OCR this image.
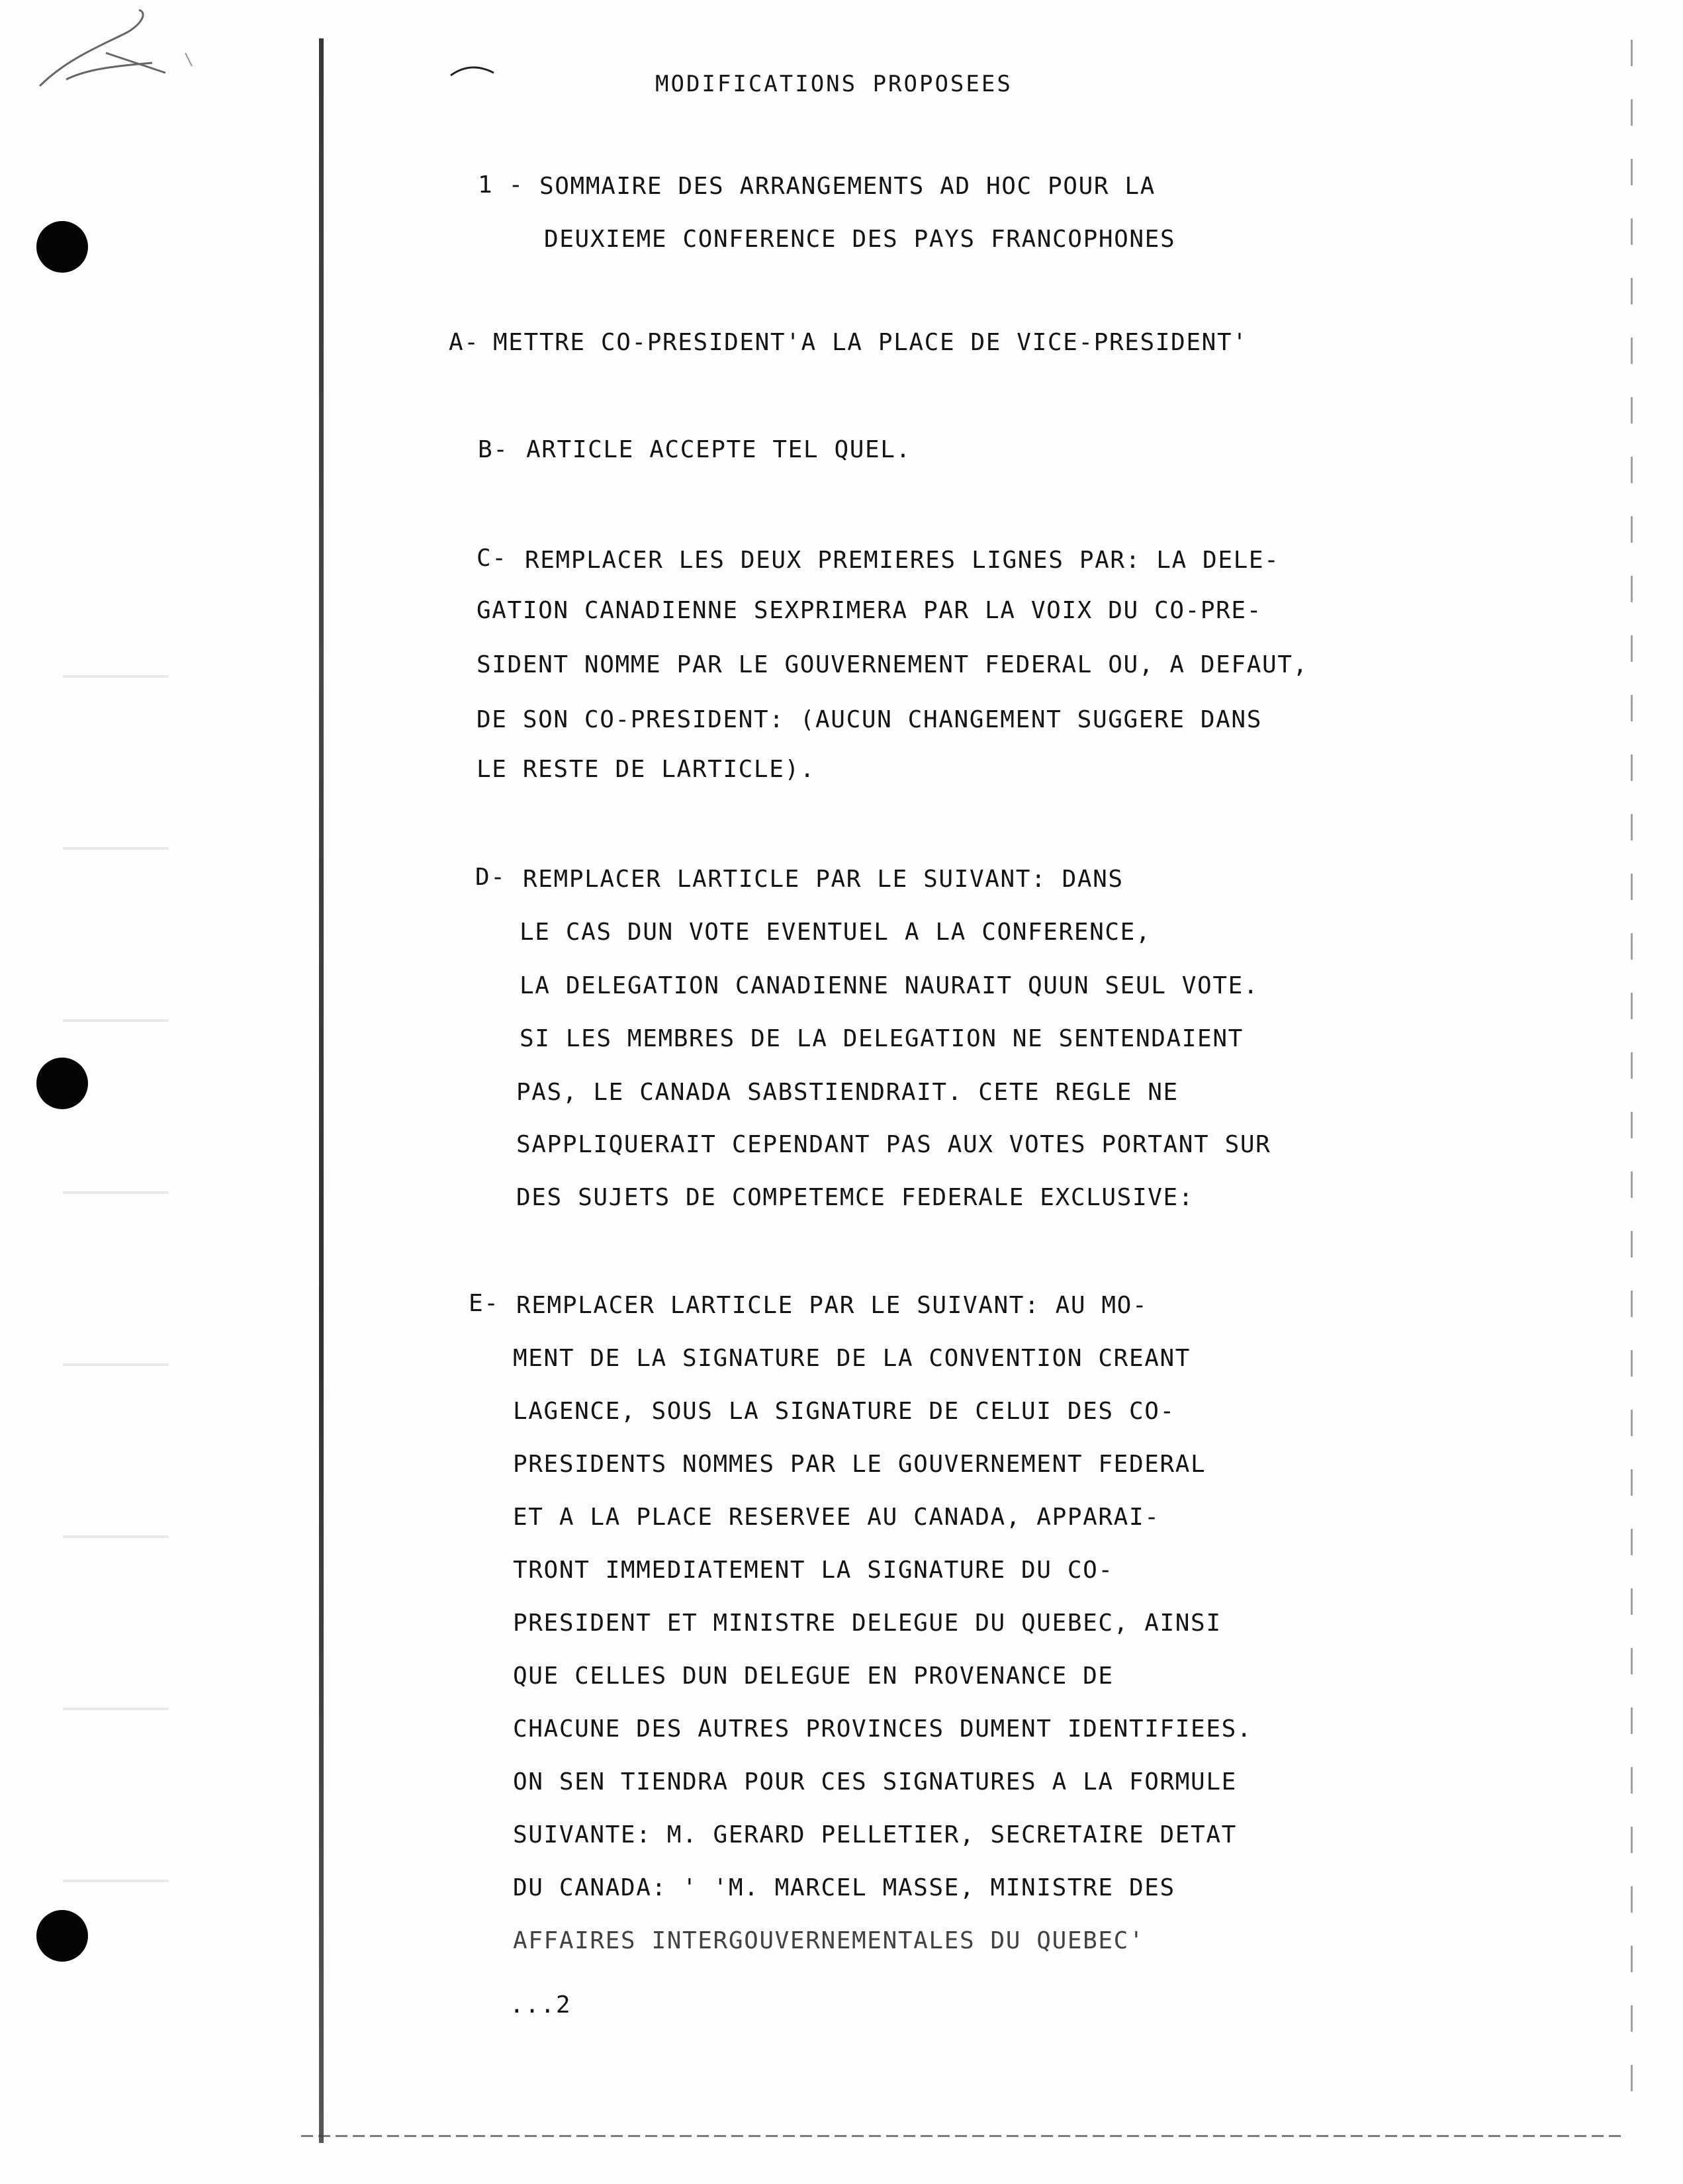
MODIFICATIONS PROPOSEES
1 - SOMMAIRE DES ARRANGEMENTS AD HOC POUR LA
DEUXIEME CONFERENCE DES PAYS FRANCOPHONES
A- METTRE CO-PRESIDENT'A LA PLACE DE VICE-PRESIDENT'
B- ARTICLE ACCEPTE TEL QUEL.
C- REMPLACER LES DEUX PREMIERES LIGNES PAR: LA DELE-
GATION CANADIENNE SEXPRIMERA PAR LA VOIX DU CO-PRE-
SIDENT NOMME PAR LE GOUVERNEMENT FEDERAL OU, A DEFAUT,
DE SON CO-PRESIDENT: (AUCUN CHANGEMENT SUGGERE DANS
LE RESTE DE LARTICLE).
D- REMPLACER LARTICLE PAR LE SUIVANT: DANS
LE CAS DUN VOTE EVENTUEL A LA CONFERENCE,
LA DELEGATION CANADIENNE NAURAIT QUUN SEUL VOTE.
SI LES MEMBRES DE LA DELEGATION NE SENTENDAIENT
PAS, LE CANADA SABSTIENDRAIT. CETE REGLE NE
SAPPLIQUERAIT CEPENDANT PAS AUX VOTES PORTANT SUR
DES SUJETS DE COMPETEMCE FEDERALE EXCLUSIVE:
E- REMPLACER LARTICLE PAR LE SUIVANT: AU MO-
MENT DE LA SIGNATURE DE LA CONVENTION CREANT
LAGENCE, SOUS LA SIGNATURE DE CELUI DES CO-
PRESIDENTS NOMMES PAR LE GOUVERNEMENT FEDERAL
ET A LA PLACE RESERVEE AU CANADA, APPARAI-
TRONT IMMEDIATEMENT LA SIGNATURE DU CO-
PRESIDENT ET MINISTRE DELEGUE DU QUEBEC, AINSI
QUE CELLES DUN DELEGUE EN PROVENANCE DE
CHACUNE DES AUTRES PROVINCES DUMENT IDENTIFIEES.
ON SEN TIENDRA POUR CES SIGNATURES A LA FORMULE
SUIVANTE: M. GERARD PELLETIER, SECRETAIRE DETAT
DU CANADA: ' 'M. MARCEL MASSE, MINISTRE DES
AFFAIRES INTERGOUVERNEMENTALES DU QUEBEC'
...2
